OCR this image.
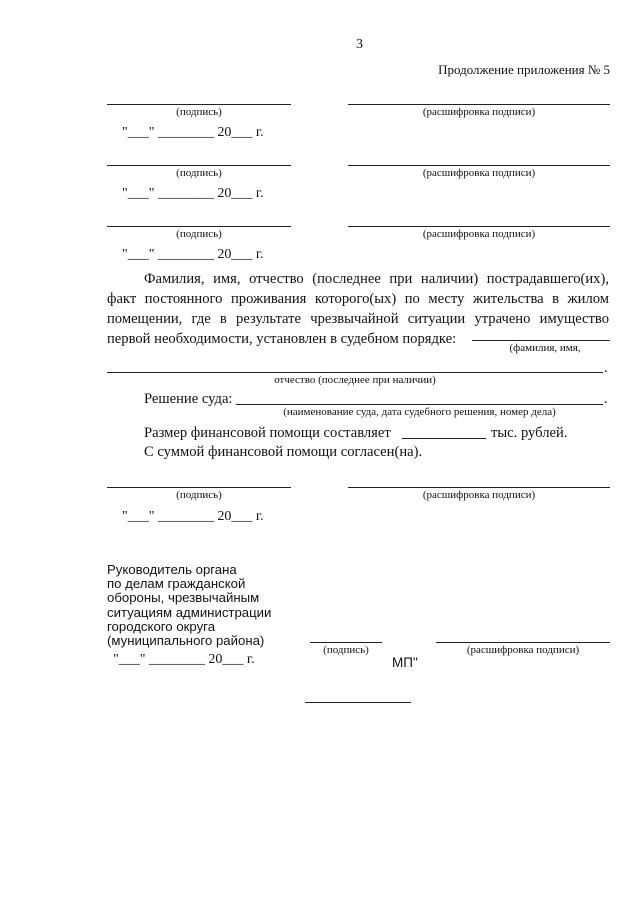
3
Продолжение приложения № 5
(подпись)	(расшифровка подписи)
"___" ________ 20___ г.
(подпись)	(расшифровка подписи)
"___" ________ 20___ г.
(подпись)	(расшифровка подписи)
"___" ________ 20___ г.
Фамилия, имя, отчество (последнее при наличии) пострадавшего(их),
факт постоянного проживания которого(ых) по месту жительства в жилом
помещении, где в результате чрезвычайной ситуации утрачено имущество
первой необходимости, установлен в судебном порядке:
(фамилия, имя,
.
отчество (последнее при наличии)
Решение суда:	.
(наименование суда, дата судебного решения, номер дела)
Размер финансовой помощи составляет	тыс. рублей.
С суммой финансовой помощи согласен(на).
(подпись)	(расшифровка подписи)
"___" ________ 20___ г.
Руководитель органа
по делам гражданской
обороны, чрезвычайным
ситуациям администрации
городского округа
(муниципального района)
(подпись)	(расшифровка подписи)
"___" ________ 20___ г.	МП"
